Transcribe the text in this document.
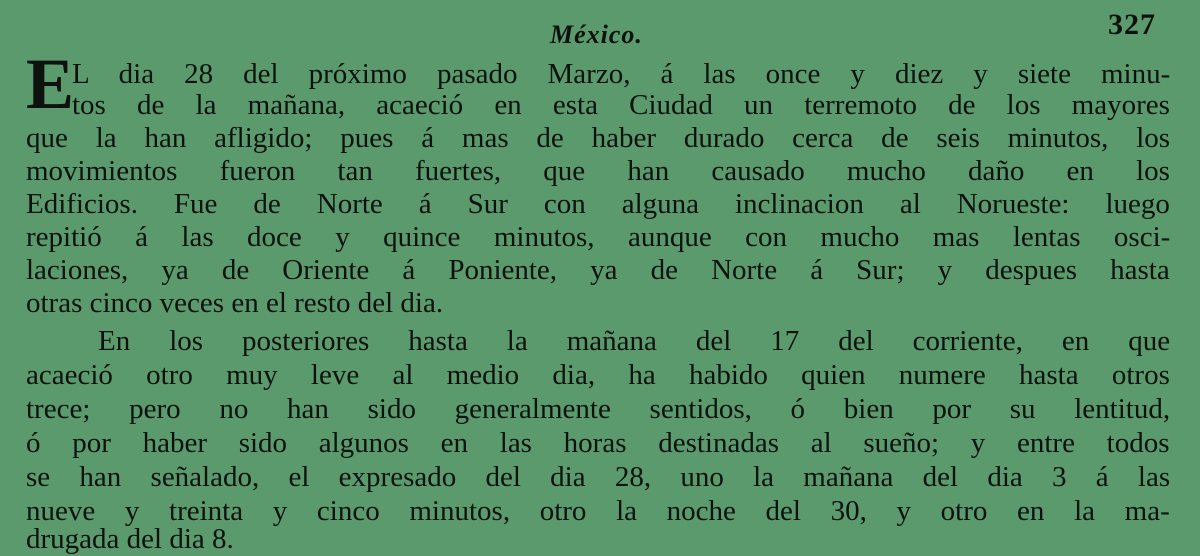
México.	327
E
L dia 28 del próximo pasado Marzo, á las once y diez y siete minu-
tos de la mañana, acaeció en esta Ciudad un terremoto de los mayores
que la han afligido; pues á mas de haber durado cerca de seis minutos, los
movimientos fueron tan fuertes, que han causado mucho daño en los
Edificios. Fue de Norte á Sur con alguna inclinacion al Norueste: luego
repitió á las doce y quince minutos, aunque con mucho mas lentas osci-
laciones, ya de Oriente á Poniente, ya de Norte á Sur; y despues hasta
otras cinco veces en el resto del dia.
En los posteriores hasta la mañana del 17 del corriente, en que
acaeció otro muy leve al medio dia, ha habido quien numere hasta otros
trece; pero no han sido generalmente sentidos, ó bien por su lentitud,
ó por haber sido algunos en las horas destinadas al sueño; y entre todos
se han señalado, el expresado del dia 28, uno la mañana del dia 3 á las
nueve y treinta y cinco minutos, otro la noche del 30, y otro en la ma-
drugada del dia 8.
